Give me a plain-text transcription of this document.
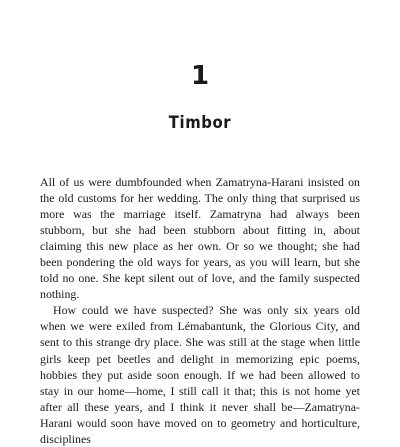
1
Timbor

All of us were dumbfounded when Zamatryna-Harani insisted on the old customs for her wedding. The only thing that surprised us more was the marriage itself. Zamatryna had always been stubborn, but she had been stubborn about fitting in, about claiming this new place as her own. Or so we thought; she had been pondering the old ways for years, as you will learn, but she told no one. She kept silent out of love, and the family suspected nothing.

How could we have suspected? She was only six years old when we were exiled from Lémabantunk, the Glorious City, and sent to this strange dry place. She was still at the stage when little girls keep pet beetles and delight in memorizing epic poems, hobbies they put aside soon enough. If we had been allowed to stay in our home—home, I still call it that; this is not home yet after all these years, and I think it never shall be—Zamatryna-Harani would soon have moved on to geometry and horticulture, disciplines
